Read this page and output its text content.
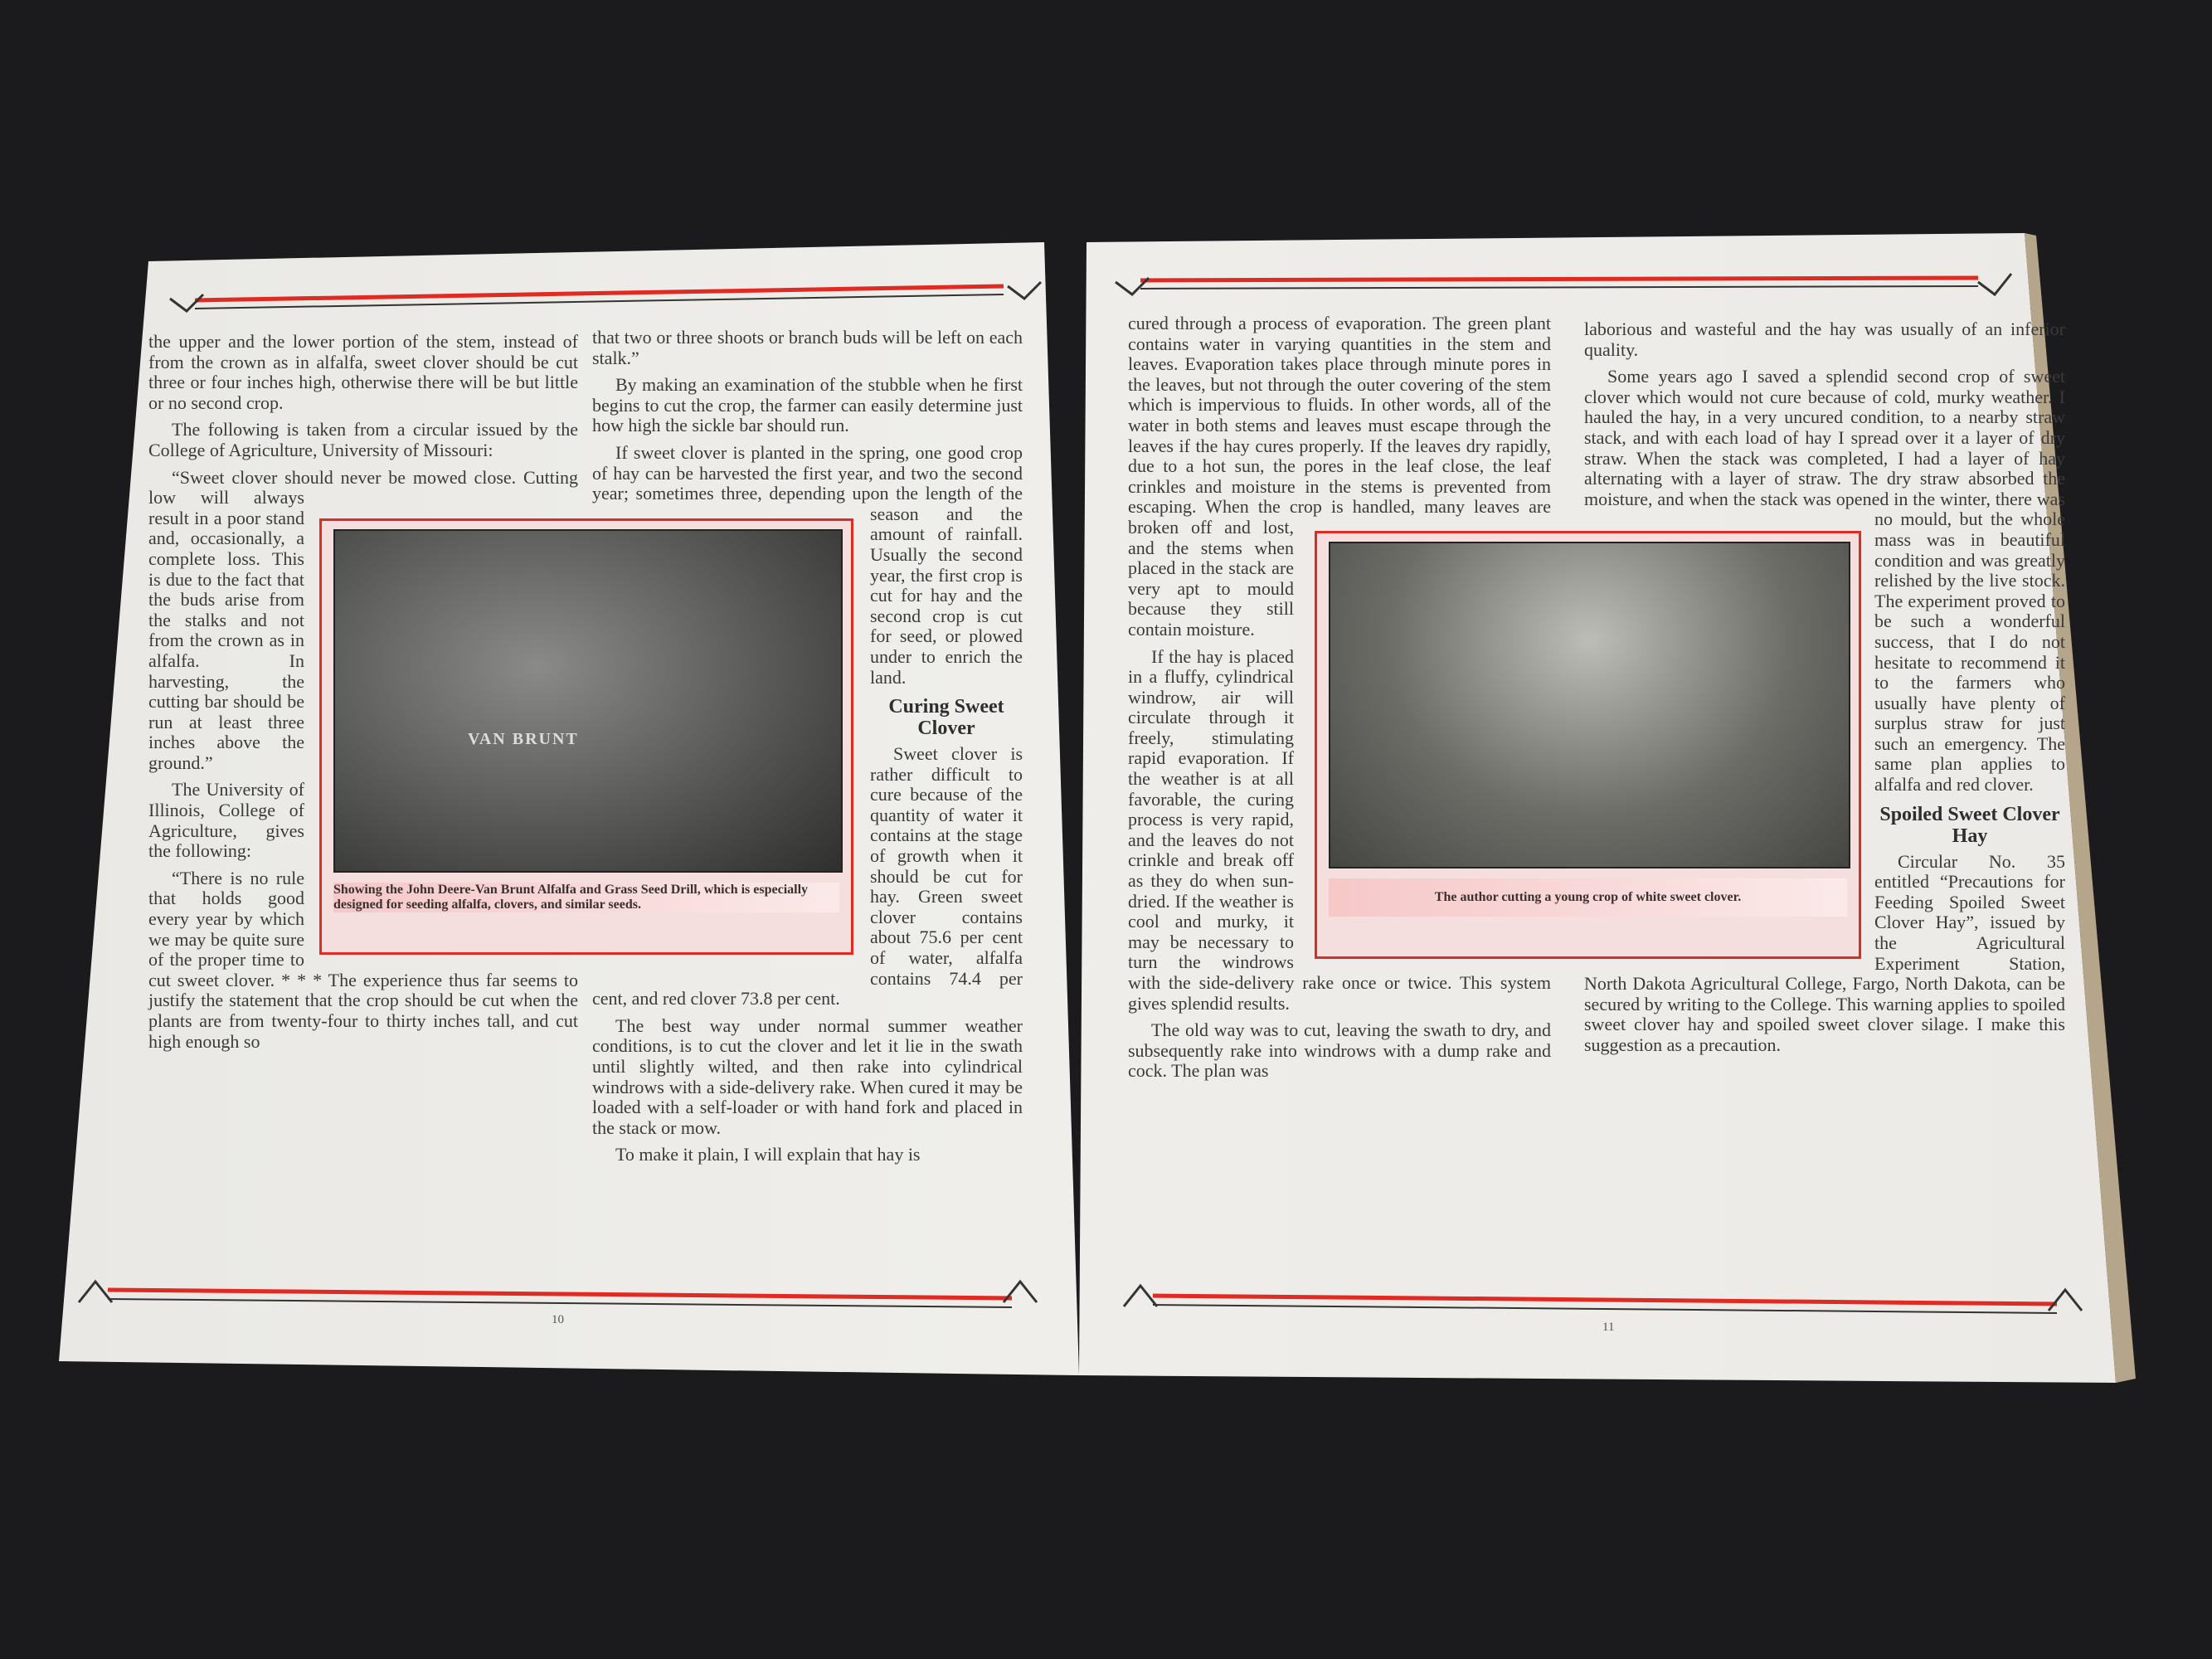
the upper and the lower portion of the stem, instead of from the crown as in alfalfa, sweet clover should be cut three or four inches high, otherwise there will be but little or no second crop.

The following is taken from a circular issued by the College of Agriculture, University of Missouri:

“Sweet clover should never be mowed close. Cutting low will always result in a poor stand and, occasionally, a complete loss. This is due to the fact that the buds arise from the stalks and not from the crown as in alfalfa. In harvesting, the cutting bar should be run at least three inches above the ground.”

The University of Illinois, College of Agriculture, gives the following:

“There is no rule that holds good every year by which we may be quite sure of the proper time to cut sweet clover. * * * The experience thus far seems to justify the statement that the crop should be cut when the plants are from twenty-four to thirty inches tall, and cut high enough so

that two or three shoots or branch buds will be left on each stalk.”

By making an examination of the stubble when he first begins to cut the crop, the farmer can easily determine just how high the sickle bar should run.

If sweet clover is planted in the spring, one good crop of hay can be harvested the first year, and two the second year; sometimes three, depending upon the length of the season and the amount of rainfall. Usually the second year, the first crop is cut for hay and the second crop is cut for seed, or plowed under to enrich the land.

Curing Sweet Clover

Sweet clover is rather difficult to cure because of the quantity of water it contains at the stage of growth when it should be cut for hay. Green sweet clover contains about 75.6 per cent of water, alfalfa contains 74.4 per cent, and red clover 73.8 per cent.

The best way under normal summer weather conditions, is to cut the clover and let it lie in the swath until slightly wilted, and then rake into cylindrical windrows with a side-delivery rake. When cured it may be loaded with a self-loader or with hand fork and placed in the stack or mow.

To make it plain, I will explain that hay is

VAN BRUNT
Showing the John Deere-Van Brunt Alfalfa and Grass Seed Drill, which is especially designed for seeding alfalfa, clovers, and similar seeds.
10

cured through a process of evaporation. The green plant contains water in varying quantities in the stem and leaves. Evaporation takes place through minute pores in the leaves, but not through the outer covering of the stem which is impervious to fluids. In other words, all of the water in both stems and leaves must escape through the leaves if the hay cures properly. If the leaves dry rapidly, due to a hot sun, the pores in the leaf close, the leaf crinkles and moisture in the stems is prevented from escaping. When the crop is handled, many leaves are broken off and lost, and the stems when placed in the stack are very apt to mould because they still contain moisture.

If the hay is placed in a fluffy, cylindrical windrow, air will circulate through it freely, stimulating rapid evaporation. If the weather is at all favorable, the curing process is very rapid, and the leaves do not crinkle and break off as they do when sun-dried. If the weather is cool and murky, it may be necessary to turn the windrows with the side-delivery rake once or twice. This system gives splendid results.

The old way was to cut, leaving the swath to dry, and subsequently rake into windrows with a dump rake and cock. The plan was

laborious and wasteful and the hay was usually of an inferior quality.

Some years ago I saved a splendid second crop of sweet clover which would not cure because of cold, murky weather. I hauled the hay, in a very uncured condition, to a nearby straw stack, and with each load of hay I spread over it a layer of dry straw. When the stack was completed, I had a layer of hay alternating with a layer of straw. The dry straw absorbed the moisture, and when the stack was opened in the winter, there was no mould, but the whole mass was in beautiful condition and was greatly relished by the live stock. The experiment proved to be such a wonderful success, that I do not hesitate to recommend it to the farmers who usually have plenty of surplus straw for just such an emergency. The same plan applies to alfalfa and red clover.

Spoiled Sweet Clover Hay

Circular No. 35 entitled “Precautions for Feeding Spoiled Sweet Clover Hay”, issued by the Agricultural Experiment Station, North Dakota Agricultural College, Fargo, North Dakota, can be secured by writing to the College. This warning applies to spoiled sweet clover hay and spoiled sweet clover silage. I make this suggestion as a precaution.

The author cutting a young crop of white sweet clover.
11
